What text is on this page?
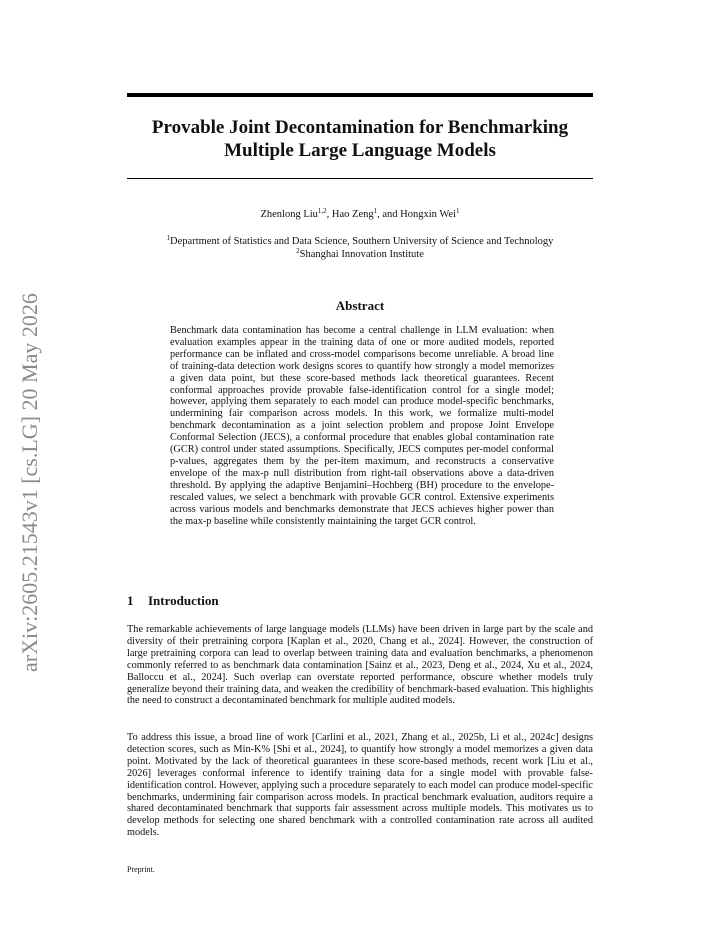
arXiv:2605.21543v1 [cs.LG] 20 May 2026
Provable Joint Decontamination for Benchmarking Multiple Large Language Models
Zhenlong Liu$^{1,2}$, Hao Zeng$^1$, and Hongxin Wei$^1$
$^1$Department of Statistics and Data Science, Southern University of Science and Technology
$^2$Shanghai Innovation Institute
Abstract
Benchmark data contamination has become a central challenge in LLM evaluation: when evaluation examples appear in the training data of one or more audited models, reported performance can be inflated and cross-model comparisons become unreliable. A broad line of training-data detection work designs scores to quantify how strongly a model memorizes a given data point, but these score-based methods lack theoretical guarantees. Recent conformal approaches provide provable false-identification control for a single model; however, applying them separately to each model can produce model-specific benchmarks, undermining fair comparison across models. In this work, we formalize multi-model benchmark decontamination as a joint selection problem and propose Joint Envelope Conformal Selection (JECS), a conformal procedure that enables global contamination rate (GCR) control under stated assumptions. Specifically, JECS computes per-model conformal p-values, aggregates them by the per-item maximum, and reconstructs a conservative envelope of the max-p null distribution from right-tail observations above a data-driven threshold. By applying the adaptive Benjamini–Hochberg (BH) procedure to the envelope-rescaled values, we select a benchmark with provable GCR control. Extensive experiments across various models and benchmarks demonstrate that JECS achieves higher power than the max-p baseline while consistently maintaining the target GCR control.
1 Introduction
The remarkable achievements of large language models (LLMs) have been driven in large part by the scale and diversity of their pretraining corpora [Kaplan et al., 2020, Chang et al., 2024]. However, the construction of large pretraining corpora can lead to overlap between training data and evaluation benchmarks, a phenomenon commonly referred to as benchmark data contamination [Sainz et al., 2023, Deng et al., 2024, Xu et al., 2024, Balloccu et al., 2024]. Such overlap can overstate reported performance, obscure whether models truly generalize beyond their training data, and weaken the credibility of benchmark-based evaluation. This highlights the need to construct a decontaminated benchmark for multiple audited models.
To address this issue, a broad line of work [Carlini et al., 2021, Zhang et al., 2025b, Li et al., 2024c] designs detection scores, such as Min-K% [Shi et al., 2024], to quantify how strongly a model memorizes a given data point. Motivated by the lack of theoretical guarantees in these score-based methods, recent work [Liu et al., 2026] leverages conformal inference to identify training data for a single model with provable false-identification control. However, applying such a procedure separately to each model can produce model-specific benchmarks, undermining fair comparison across models. In practical benchmark evaluation, auditors require a shared decontaminated benchmark that supports fair assessment across multiple models. This motivates us to develop methods for selecting one shared benchmark with a controlled contamination rate across all audited models.
Preprint.
